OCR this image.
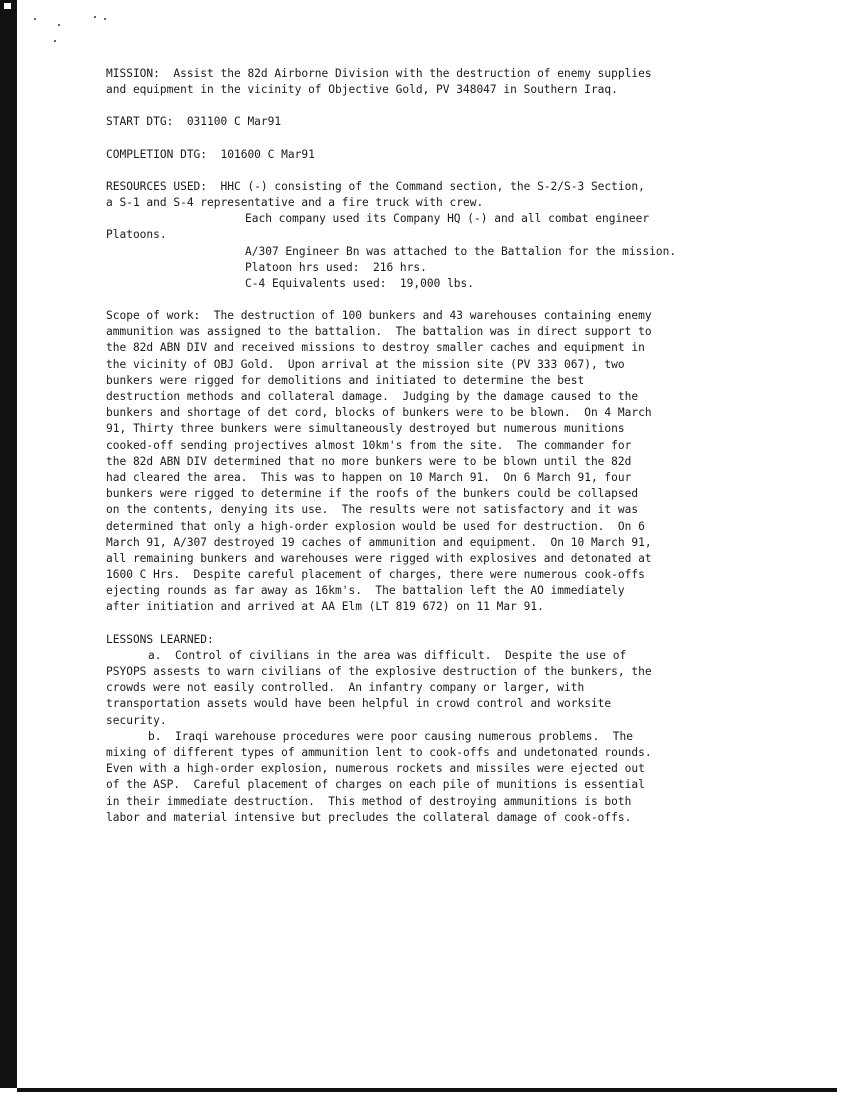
MISSION:  Assist the 82d Airborne Division with the destruction of enemy supplies
and equipment in the vicinity of Objective Gold, PV 348047 in Southern Iraq.
START DTG:  031100 C Mar91
COMPLETION DTG:  101600 C Mar91
RESOURCES USED:  HHC (-) consisting of the Command section, the S-2/S-3 Section,
a S-1 and S-4 representative and a fire truck with crew.
Each company used its Company HQ (-) and all combat engineer
Platoons.
A/307 Engineer Bn was attached to the Battalion for the mission.
Platoon hrs used:  216 hrs.
C-4 Equivalents used:  19,000 lbs.
Scope of work:  The destruction of 100 bunkers and 43 warehouses containing enemy
ammunition was assigned to the battalion.  The battalion was in direct support to
the 82d ABN DIV and received missions to destroy smaller caches and equipment in
the vicinity of OBJ Gold.  Upon arrival at the mission site (PV 333 067), two
bunkers were rigged for demolitions and initiated to determine the best
destruction methods and collateral damage.  Judging by the damage caused to the
bunkers and shortage of det cord, blocks of bunkers were to be blown.  On 4 March
91, Thirty three bunkers were simultaneously destroyed but numerous munitions
cooked-off sending projectives almost 10km's from the site.  The commander for
the 82d ABN DIV determined that no more bunkers were to be blown until the 82d
had cleared the area.  This was to happen on 10 March 91.  On 6 March 91, four
bunkers were rigged to determine if the roofs of the bunkers could be collapsed
on the contents, denying its use.  The results were not satisfactory and it was
determined that only a high-order explosion would be used for destruction.  On 6
March 91, A/307 destroyed 19 caches of ammunition and equipment.  On 10 March 91,
all remaining bunkers and warehouses were rigged with explosives and detonated at
1600 C Hrs.  Despite careful placement of charges, there were numerous cook-offs
ejecting rounds as far away as 16km's.  The battalion left the AO immediately
after initiation and arrived at AA Elm (LT 819 672) on 11 Mar 91.
LESSONS LEARNED:
a.  Control of civilians in the area was difficult.  Despite the use of
PSYOPS assests to warn civilians of the explosive destruction of the bunkers, the
crowds were not easily controlled.  An infantry company or larger, with
transportation assets would have been helpful in crowd control and worksite
security.
b.  Iraqi warehouse procedures were poor causing numerous problems.  The
mixing of different types of ammunition lent to cook-offs and undetonated rounds.
Even with a high-order explosion, numerous rockets and missiles were ejected out
of the ASP.  Careful placement of charges on each pile of munitions is essential
in their immediate destruction.  This method of destroying ammunitions is both
labor and material intensive but precludes the collateral damage of cook-offs.
